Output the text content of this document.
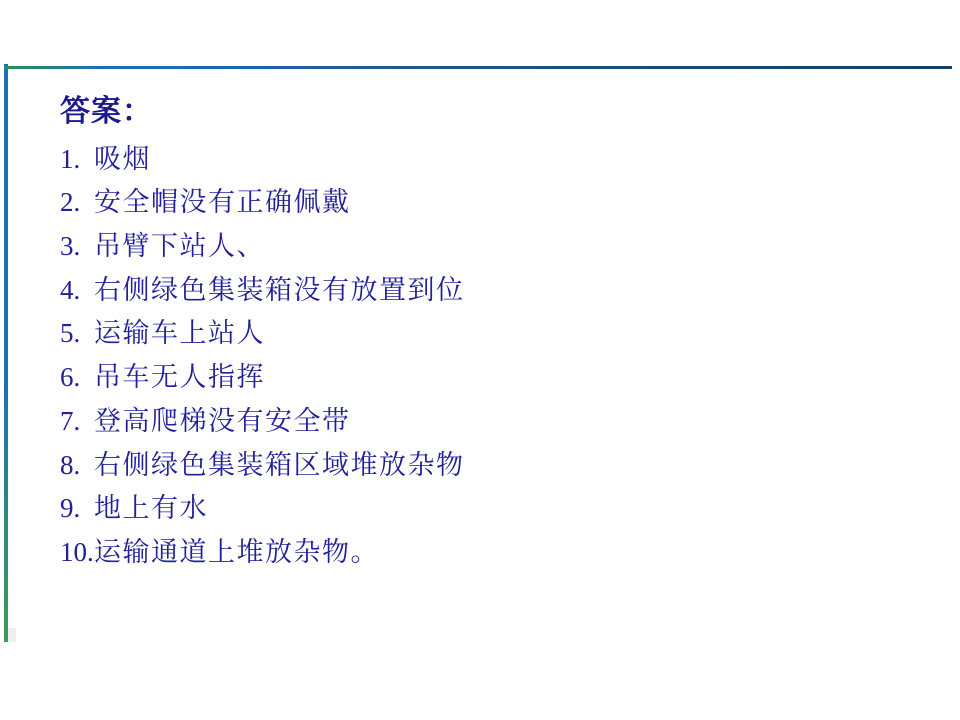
答案：
1. 吸烟
2. 安全帽没有正确佩戴
3. 吊臂下站人、
4. 右侧绿色集装箱没有放置到位
5. 运输车上站人
6. 吊车无人指挥
7. 登高爬梯没有安全带
8. 右侧绿色集装箱区域堆放杂物
9. 地上有水
10.运输通道上堆放杂物。
